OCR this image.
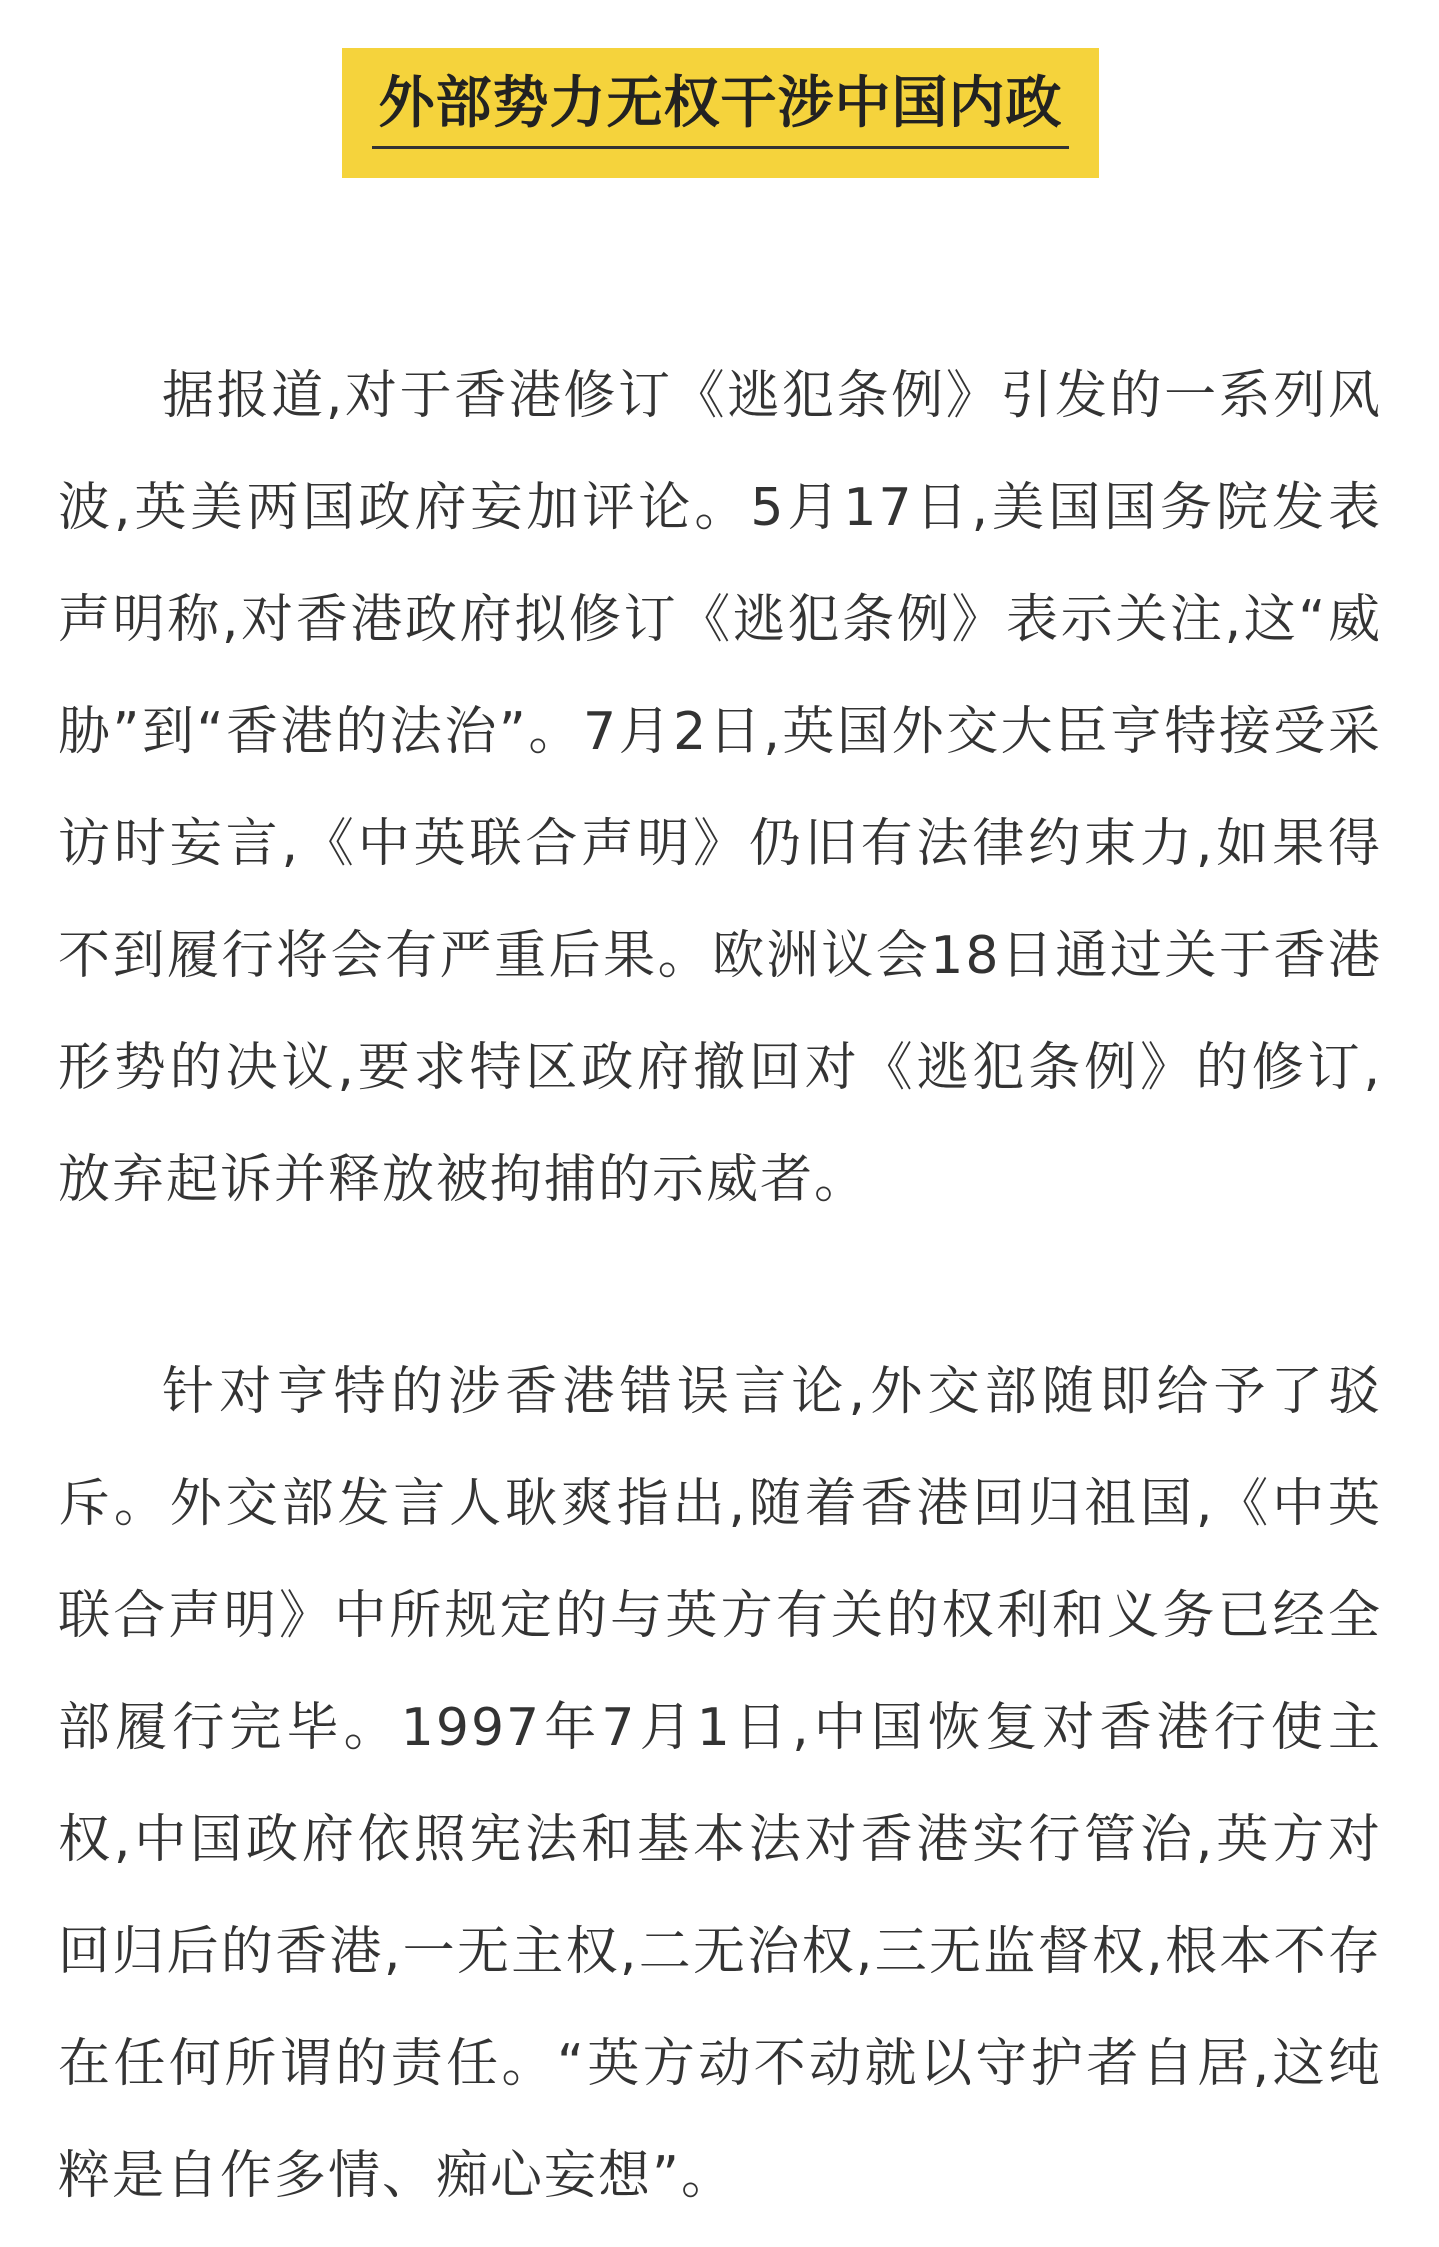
外部势力无权干涉中国内政

据报道,对于香港修订《逃犯条例》引发的一系列风波,英美两国政府妄加评论。5月17日,美国国务院发表声明称,对香港政府拟修订《逃犯条例》表示关注,这“威胁”到“香港的法治”。7月2日,英国外交大臣亨特接受采访时妄言,《中英联合声明》仍旧有法律约束力,如果得不到履行将会有严重后果。欧洲议会18日通过关于香港形势的决议,要求特区政府撤回对《逃犯条例》的修订,放弃起诉并释放被拘捕的示威者。

针对亨特的涉香港错误言论,外交部随即给予了驳斥。外交部发言人耿爽指出,随着香港回归祖国,《中英联合声明》中所规定的与英方有关的权利和义务已经全部履行完毕。1997年7月1日,中国恢复对香港行使主权,中国政府依照宪法和基本法对香港实行管治,英方对回归后的香港,一无主权,二无治权,三无监督权,根本不存在任何所谓的责任。“英方动不动就以守护者自居,这纯粹是自作多情、痴心妄想”。
